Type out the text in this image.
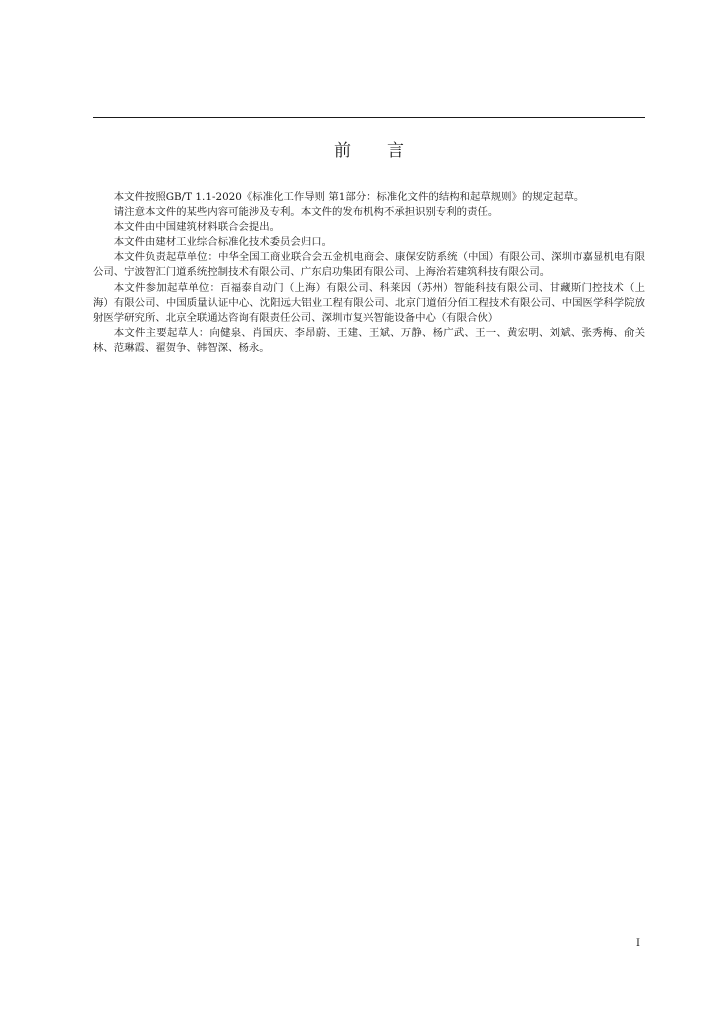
前 言

本文件按照GB/T 1.1-2020《标准化工作导则 第1部分：标准化文件的结构和起草规则》的规定起草。

请注意本文件的某些内容可能涉及专利。本文件的发布机构不承担识别专利的责任。

本文件由中国建筑材料联合会提出。

本文件由建材工业综合标准化技术委员会归口。

本文件负责起草单位：中华全国工商业联合会五金机电商会、康保安防系统（中国）有限公司、深圳市嘉显机电有限公司、宁波智汇门道系统控制技术有限公司、广东启功集团有限公司、上海治若建筑科技有限公司。

本文件参加起草单位：百福泰自动门（上海）有限公司、科莱因（苏州）智能科技有限公司、甘藏斯门控技术（上海）有限公司、中国质量认证中心、沈阳远大铝业工程有限公司、北京门道佰分佰工程技术有限公司、中国医学科学院放射医学研究所、北京全联通达咨询有限责任公司、深圳市复兴智能设备中心（有限合伙）

本文件主要起草人：向健泉、肖国庆、李昂蔚、王建、王斌、万静、杨广武、王一、黄宏明、刘斌、张秀梅、俞关林、范琳霞、翟贺争、韩智深、杨永。

I
